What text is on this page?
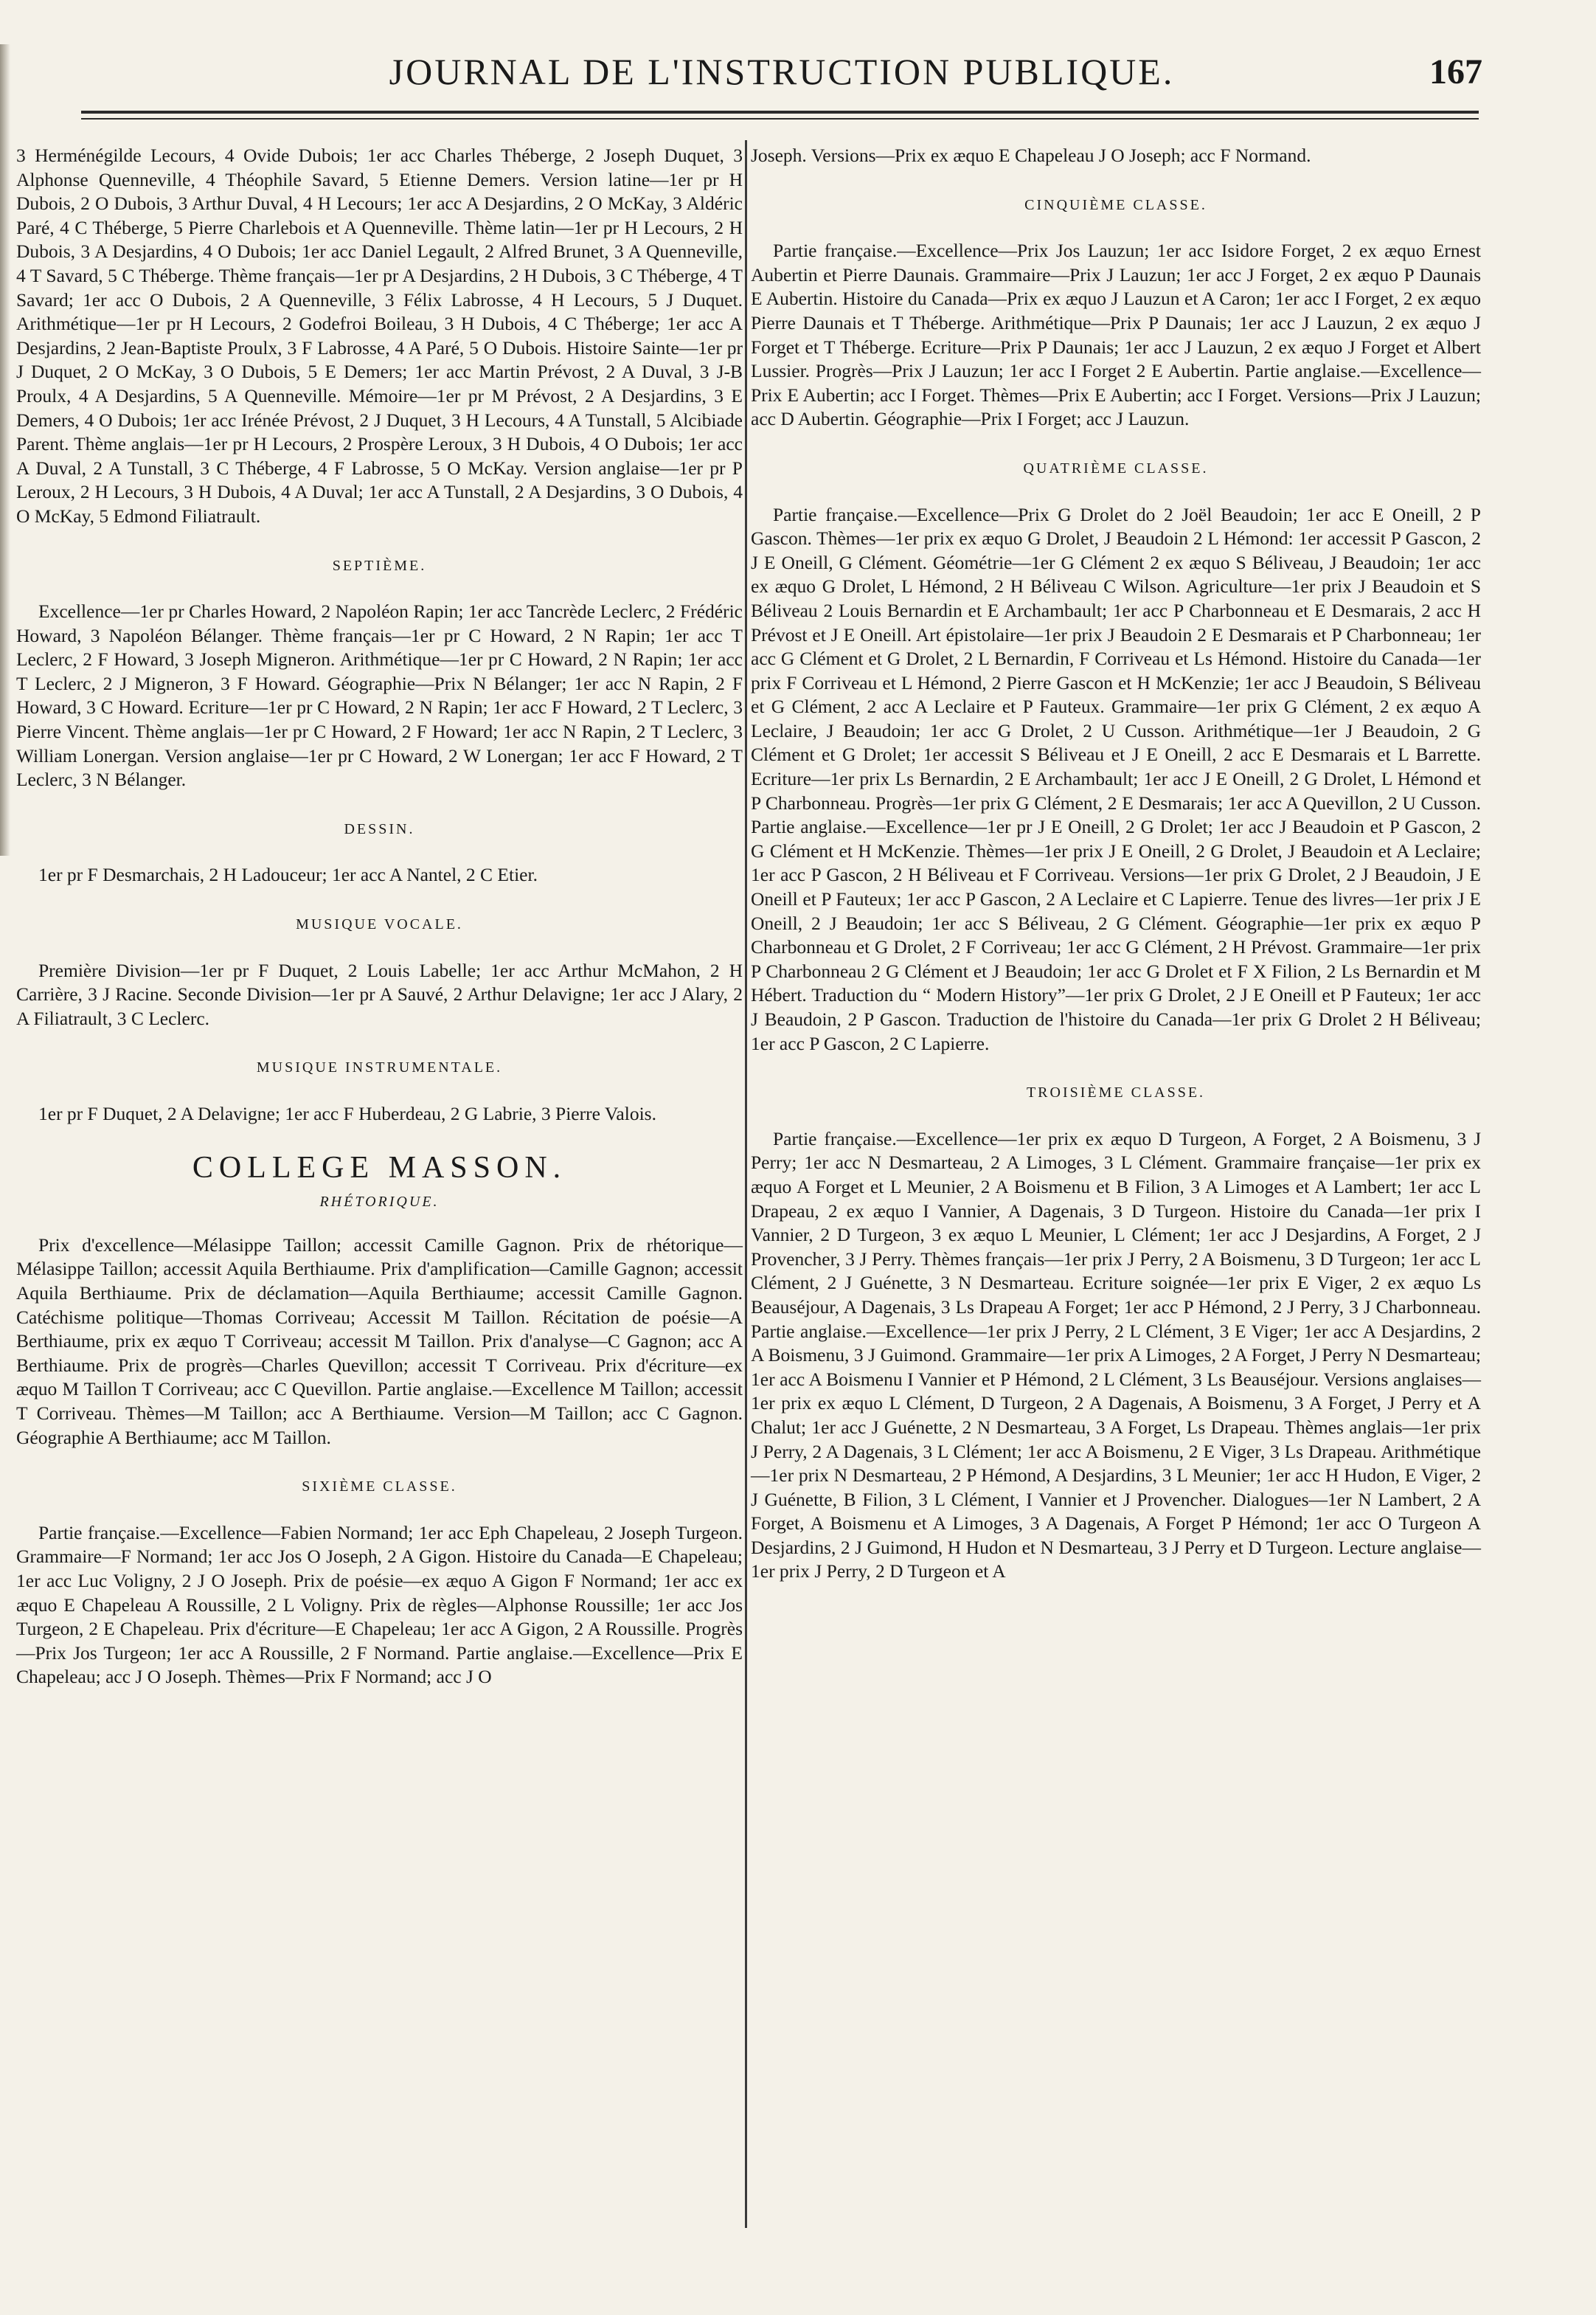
JOURNAL DE L'INSTRUCTION PUBLIQUE.	167

3 Herménégilde Lecours, 4 Ovide Dubois; 1er acc Charles Théberge, 2 Joseph Duquet, 3 Alphonse Quenneville, 4 Théophile Savard, 5 Etienne Demers. Version latine—1er pr H Dubois, 2 O Dubois, 3 Arthur Duval, 4 H Lecours; 1er acc A Desjardins, 2 O McKay, 3 Aldéric Paré, 4 C Théberge, 5 Pierre Charlebois et A Quenneville. Thème latin—1er pr H Lecours, 2 H Dubois, 3 A Desjardins, 4 O Dubois; 1er acc Daniel Legault, 2 Alfred Brunet, 3 A Quenneville, 4 T Savard, 5 C Théberge. Thème français—1er pr A Desjardins, 2 H Dubois, 3 C Théberge, 4 T Savard; 1er acc O Dubois, 2 A Quenneville, 3 Félix Labrosse, 4 H Lecours, 5 J Duquet. Arithmétique—1er pr H Lecours, 2 Godefroi Boileau, 3 H Dubois, 4 C Théberge; 1er acc A Desjardins, 2 Jean-Baptiste Proulx, 3 F Labrosse, 4 A Paré, 5 O Dubois. Histoire Sainte—1er pr J Duquet, 2 O McKay, 3 O Dubois, 5 E Demers; 1er acc Martin Prévost, 2 A Duval, 3 J-B Proulx, 4 A Desjardins, 5 A Quenneville. Mémoire—1er pr M Prévost, 2 A Desjardins, 3 E Demers, 4 O Dubois; 1er acc Irénée Prévost, 2 J Duquet, 3 H Lecours, 4 A Tunstall, 5 Alcibiade Parent. Thème anglais—1er pr H Lecours, 2 Prospère Leroux, 3 H Dubois, 4 O Dubois; 1er acc A Duval, 2 A Tunstall, 3 C Théberge, 4 F Labrosse, 5 O McKay. Version anglaise—1er pr P Leroux, 2 H Lecours, 3 H Dubois, 4 A Duval; 1er acc A Tunstall, 2 A Desjardins, 3 O Dubois, 4 O McKay, 5 Edmond Filiatrault.

SEPTIÈME.

Excellence—1er pr Charles Howard, 2 Napoléon Rapin; 1er acc Tancrède Leclerc, 2 Frédéric Howard, 3 Napoléon Bélanger. Thème français—1er pr C Howard, 2 N Rapin; 1er acc T Leclerc, 2 F Howard, 3 Joseph Migneron. Arithmétique—1er pr C Howard, 2 N Rapin; 1er acc T Leclerc, 2 J Migneron, 3 F Howard. Géographie—Prix N Bélanger; 1er acc N Rapin, 2 F Howard, 3 C Howard. Ecriture—1er pr C Howard, 2 N Rapin; 1er acc F Howard, 2 T Leclerc, 3 Pierre Vincent. Thème anglais—1er pr C Howard, 2 F Howard; 1er acc N Rapin, 2 T Leclerc, 3 William Lonergan. Version anglaise—1er pr C Howard, 2 W Lonergan; 1er acc F Howard, 2 T Leclerc, 3 N Bélanger.

DESSIN.

1er pr F Desmarchais, 2 H Ladouceur; 1er acc A Nantel, 2 C Etier.

MUSIQUE VOCALE.

Première Division—1er pr F Duquet, 2 Louis Labelle; 1er acc Arthur McMahon, 2 H Carrière, 3 J Racine. Seconde Division—1er pr A Sauvé, 2 Arthur Delavigne; 1er acc J Alary, 2 A Filiatrault, 3 C Leclerc.

MUSIQUE INSTRUMENTALE.

1er pr F Duquet, 2 A Delavigne; 1er acc F Huberdeau, 2 G Labrie, 3 Pierre Valois.

COLLEGE MASSON.
RHÉTORIQUE.

Prix d'excellence—Mélasippe Taillon; accessit Camille Gagnon. Prix de rhétorique—Mélasippe Taillon; accessit Aquila Berthiaume. Prix d'amplification—Camille Gagnon; accessit Aquila Berthiaume. Prix de déclamation—Aquila Berthiaume; accessit Camille Gagnon. Catéchisme politique—Thomas Corriveau; Accessit M Taillon. Récitation de poésie—A Berthiaume, prix ex æquo T Corriveau; accessit M Taillon. Prix d'analyse—C Gagnon; acc A Berthiaume. Prix de progrès—Charles Quevillon; accessit T Corriveau. Prix d'écriture—ex æquo M Taillon T Corriveau; acc C Quevillon. Partie anglaise.—Excellence M Taillon; accessit T Corriveau. Thèmes—M Taillon; acc A Berthiaume. Version—M Taillon; acc C Gagnon. Géographie A Berthiaume; acc M Taillon.

SIXIÈME CLASSE.

Partie française.—Excellence—Fabien Normand; 1er acc Eph Chapeleau, 2 Joseph Turgeon. Grammaire—F Normand; 1er acc Jos O Joseph, 2 A Gigon. Histoire du Canada—E Chapeleau; 1er acc Luc Voligny, 2 J O Joseph. Prix de poésie—ex æquo A Gigon F Normand; 1er acc ex æquo E Chapeleau A Roussille, 2 L Voligny. Prix de règles—Alphonse Roussille; 1er acc Jos Turgeon, 2 E Chapeleau. Prix d'écriture—E Chapeleau; 1er acc A Gigon, 2 A Roussille. Progrès—Prix Jos Turgeon; 1er acc A Roussille, 2 F Normand. Partie anglaise.—Excellence—Prix E Chapeleau; acc J O Joseph. Thèmes—Prix F Normand; acc J O

Joseph. Versions—Prix ex æquo E Chapeleau J O Joseph; acc F Normand.

CINQUIÈME CLASSE.

Partie française.—Excellence—Prix Jos Lauzun; 1er acc Isidore Forget, 2 ex æquo Ernest Aubertin et Pierre Daunais. Grammaire—Prix J Lauzun; 1er acc J Forget, 2 ex æquo P Daunais E Aubertin. Histoire du Canada—Prix ex æquo J Lauzun et A Caron; 1er acc I Forget, 2 ex æquo Pierre Daunais et T Théberge. Arithmétique—Prix P Daunais; 1er acc J Lauzun, 2 ex æquo J Forget et T Théberge. Ecriture—Prix P Daunais; 1er acc J Lauzun, 2 ex æquo J Forget et Albert Lussier. Progrès—Prix J Lauzun; 1er acc I Forget 2 E Aubertin. Partie anglaise.—Excellence—Prix E Aubertin; acc I Forget. Thèmes—Prix E Aubertin; acc I Forget. Versions—Prix J Lauzun; acc D Aubertin. Géographie—Prix I Forget; acc J Lauzun.

QUATRIÈME CLASSE.

Partie française.—Excellence—Prix G Drolet do 2 Joël Beaudoin; 1er acc E Oneill, 2 P Gascon. Thèmes—1er prix ex æquo G Drolet, J Beaudoin 2 L Hémond: 1er accessit P Gascon, 2 J E Oneill, G Clément. Géométrie—1er G Clément 2 ex æquo S Béliveau, J Beaudoin; 1er acc ex æquo G Drolet, L Hémond, 2 H Béliveau C Wilson. Agriculture—1er prix J Beaudoin et S Béliveau 2 Louis Bernardin et E Archambault; 1er acc P Charbonneau et E Desmarais, 2 acc H Prévost et J E Oneill. Art épistolaire—1er prix J Beaudoin 2 E Desmarais et P Charbonneau; 1er acc G Clément et G Drolet, 2 L Bernardin, F Corriveau et Ls Hémond. Histoire du Canada—1er prix F Corriveau et L Hémond, 2 Pierre Gascon et H McKenzie; 1er acc J Beaudoin, S Béliveau et G Clément, 2 acc A Leclaire et P Fauteux. Grammaire—1er prix G Clément, 2 ex æquo A Leclaire, J Beaudoin; 1er acc G Drolet, 2 U Cusson. Arithmétique—1er J Beaudoin, 2 G Clément et G Drolet; 1er accessit S Béliveau et J E Oneill, 2 acc E Desmarais et L Barrette. Ecriture—1er prix Ls Bernardin, 2 E Archambault; 1er acc J E Oneill, 2 G Drolet, L Hémond et P Charbonneau. Progrès—1er prix G Clément, 2 E Desmarais; 1er acc A Quevillon, 2 U Cusson. Partie anglaise.—Excellence—1er pr J E Oneill, 2 G Drolet; 1er acc J Beaudoin et P Gascon, 2 G Clément et H McKenzie. Thèmes—1er prix J E Oneill, 2 G Drolet, J Beaudoin et A Leclaire; 1er acc P Gascon, 2 H Béliveau et F Corriveau. Versions—1er prix G Drolet, 2 J Beaudoin, J E Oneill et P Fauteux; 1er acc P Gascon, 2 A Leclaire et C Lapierre. Tenue des livres—1er prix J E Oneill, 2 J Beaudoin; 1er acc S Béliveau, 2 G Clément. Géographie—1er prix ex æquo P Charbonneau et G Drolet, 2 F Corriveau; 1er acc G Clément, 2 H Prévost. Grammaire—1er prix P Charbonneau 2 G Clément et J Beaudoin; 1er acc G Drolet et F X Filion, 2 Ls Bernardin et M Hébert. Traduction du “ Modern History”—1er prix G Drolet, 2 J E Oneill et P Fauteux; 1er acc J Beaudoin, 2 P Gascon. Traduction de l'histoire du Canada—1er prix G Drolet 2 H Béliveau; 1er acc P Gascon, 2 C Lapierre.

TROISIÈME CLASSE.

Partie française.—Excellence—1er prix ex æquo D Turgeon, A Forget, 2 A Boismenu, 3 J Perry; 1er acc N Desmarteau, 2 A Limoges, 3 L Clément. Grammaire française—1er prix ex æquo A Forget et L Meunier, 2 A Boismenu et B Filion, 3 A Limoges et A Lambert; 1er acc L Drapeau, 2 ex æquo I Vannier, A Dagenais, 3 D Turgeon. Histoire du Canada—1er prix I Vannier, 2 D Turgeon, 3 ex æquo L Meunier, L Clément; 1er acc J Desjardins, A Forget, 2 J Provencher, 3 J Perry. Thèmes français—1er prix J Perry, 2 A Boismenu, 3 D Turgeon; 1er acc L Clément, 2 J Guénette, 3 N Desmarteau. Ecriture soignée—1er prix E Viger, 2 ex æquo Ls Beauséjour, A Dagenais, 3 Ls Drapeau A Forget; 1er acc P Hémond, 2 J Perry, 3 J Charbonneau. Partie anglaise.—Excellence—1er prix J Perry, 2 L Clément, 3 E Viger; 1er acc A Desjardins, 2 A Boismenu, 3 J Guimond. Grammaire—1er prix A Limoges, 2 A Forget, J Perry N Desmarteau; 1er acc A Boismenu I Vannier et P Hémond, 2 L Clément, 3 Ls Beauséjour. Versions anglaises—1er prix ex æquo L Clément, D Turgeon, 2 A Dagenais, A Boismenu, 3 A Forget, J Perry et A Chalut; 1er acc J Guénette, 2 N Desmarteau, 3 A Forget, Ls Drapeau. Thèmes anglais—1er prix J Perry, 2 A Dagenais, 3 L Clément; 1er acc A Boismenu, 2 E Viger, 3 Ls Drapeau. Arithmétique—1er prix N Desmarteau, 2 P Hémond, A Desjardins, 3 L Meunier; 1er acc H Hudon, E Viger, 2 J Guénette, B Filion, 3 L Clément, I Vannier et J Provencher. Dialogues—1er N Lambert, 2 A Forget, A Boismenu et A Limoges, 3 A Dagenais, A Forget P Hémond; 1er acc O Turgeon A Desjardins, 2 J Guimond, H Hudon et N Desmarteau, 3 J Perry et D Turgeon. Lecture anglaise—1er prix J Perry, 2 D Turgeon et A
